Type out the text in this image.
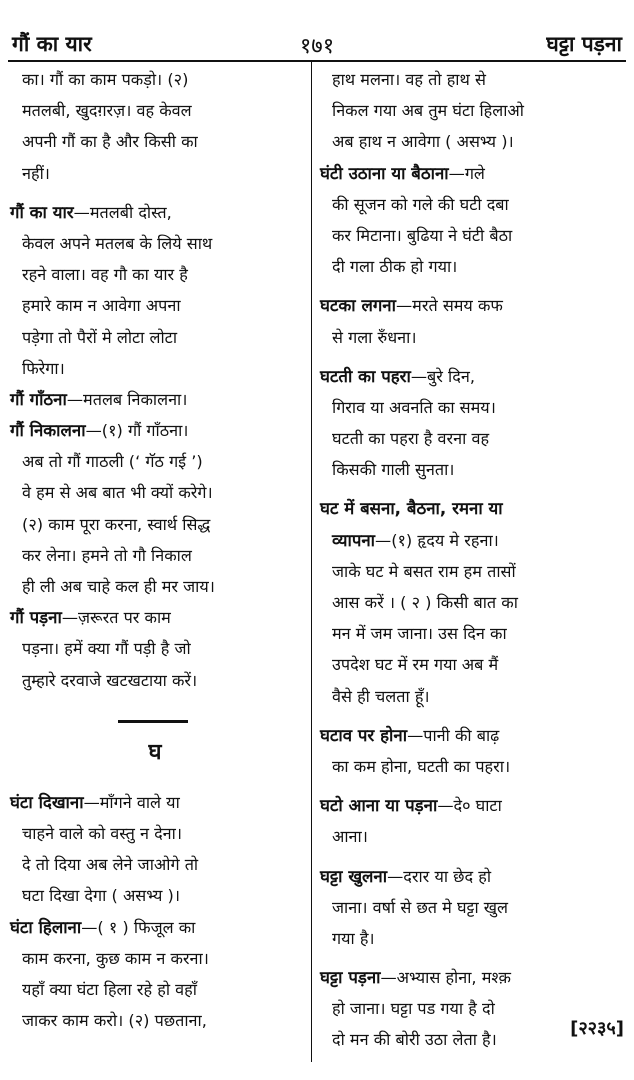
गौं का यार	१७१	घट्टा पड़ना
का। गौं का काम पकड़ो। (२)
मतलबी, खुदग़रज़। वह केवल
अपनी गौं का है और किसी का
नहीं।
गौं का यार—मतलबी दोस्त,
केवल अपने मतलब के लिये साथ
रहने वाला। वह गौ का यार है
हमारे काम न आवेगा अपना
पड़ेगा तो पैरों मे लोटा लोटा
फिरेगा।
गौं गाँठना—मतलब निकालना।
गौं निकालना—(१) गौं गाँठना।
अब तो गौं गाठली (‘ गॅठ गई ’)
वे हम से अब बात भी क्यों करेगे।
(२) काम पूरा करना, स्वार्थ सिद्ध
कर लेना। हमने तो गौ निकाल
ही ली अब चाहे कल ही मर जाय।
गौं पड़ना—ज़रूरत पर काम
पड़ना। हमें क्या गौं पड़ी है जो
तुम्हारे दरवाजे खटखटाया करें।
घ
घंटा दिखाना—माँगने वाले या
चाहने वाले को वस्तु न देना।
दे तो दिया अब लेने जाओगे तो
घटा दिखा देगा ( असभ्य )।
घंटा हिलाना—( १ ) फिजूल का
काम करना, कुछ काम न करना।
यहाँ क्या घंटा हिला रहे हो वहाँ
जाकर काम करो। (२) पछताना,
हाथ मलना। वह तो हाथ से
निकल गया अब तुम घंटा हिलाओ
अब हाथ न आवेगा ( असभ्य )।
घंटी उठाना या बैठाना—गले
की सूजन को गले की घटी दबा
कर मिटाना। बुढिया ने घंटी बैठा
दी गला ठीक हो गया।
घटका लगना—मरते समय कफ
से गला रुँधना।
घटती का पहरा—बुरे दिन,
गिराव या अवनति का समय।
घटती का पहरा है वरना वह
किसकी गाली सुनता।
घट में बसना, बैठना, रमना या
व्यापना—(१) हृदय मे रहना।
जाके घट मे बसत राम हम तासों
आस करें । ( २ ) किसी बात का
मन में जम जाना। उस दिन का
उपदेश घट में रम गया अब मैं
वैसे ही चलता हूँ।
घटाव पर होना—पानी की बाढ़
का कम होना, घटती का पहरा।
घटो आना या पड़ना—दे० घाटा
आना।
घट्टा खुलना—दरार या छेद हो
जाना। वर्षा से छत मे घट्टा खुल
गया है।
घट्टा पड़ना—अभ्यास होना, मश्क़
हो जाना। घट्टा पड गया है दो
दो मन की बोरी उठा लेता है।
[२२३५]
